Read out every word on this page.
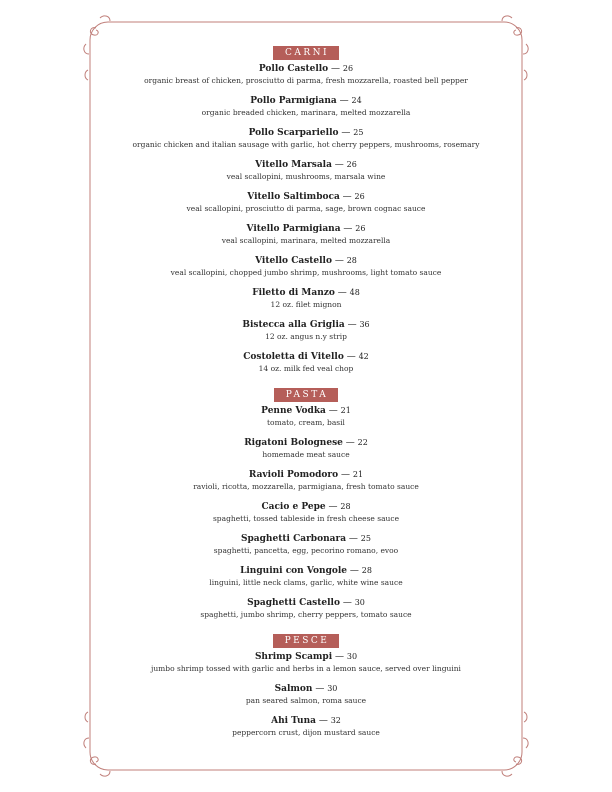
CARNI
Pollo Castello — 26
organic breast of chicken, prosciutto di parma, fresh mozzarella, roasted bell pepper
Pollo Parmigiana — 24
organic breaded chicken, marinara, melted mozzarella
Pollo Scarpariello — 25
organic chicken and italian sausage with garlic, hot cherry peppers, mushrooms, rosemary
Vitello Marsala — 26
veal scallopini, mushrooms, marsala wine
Vitello Saltimboca — 26
veal scallopini, prosciutto di parma, sage, brown cognac sauce
Vitello Parmigiana — 26
veal scallopini, marinara, melted mozzarella
Vitello Castello — 28
veal scallopini, chopped jumbo shrimp, mushrooms, light tomato sauce
Filetto di Manzo — 48
12 oz. filet mignon
Bistecca alla Griglia — 36
12 oz. angus n.y strip
Costoletta di Vitello — 42
14 oz. milk fed veal chop
PASTA
Penne Vodka — 21
tomato, cream, basil
Rigatoni Bolognese — 22
homemade meat sauce
Ravioli Pomodoro — 21
ravioli, ricotta, mozzarella, parmigiana, fresh tomato sauce
Cacio e Pepe — 28
spaghetti, tossed tableside in fresh cheese sauce
Spaghetti Carbonara — 25
spaghetti, pancetta, egg, pecorino romano, evoo
Linguini con Vongole — 28
linguini, little neck clams, garlic, white wine sauce
Spaghetti Castello — 30
spaghetti, jumbo shrimp, cherry peppers, tomato sauce
PESCE
Shrimp Scampi — 30
jumbo shrimp tossed with garlic and herbs in a lemon sauce, served over linguini
Salmon — 30
pan seared salmon, roma sauce
Ahi Tuna — 32
peppercorn crust, dijon mustard sauce
